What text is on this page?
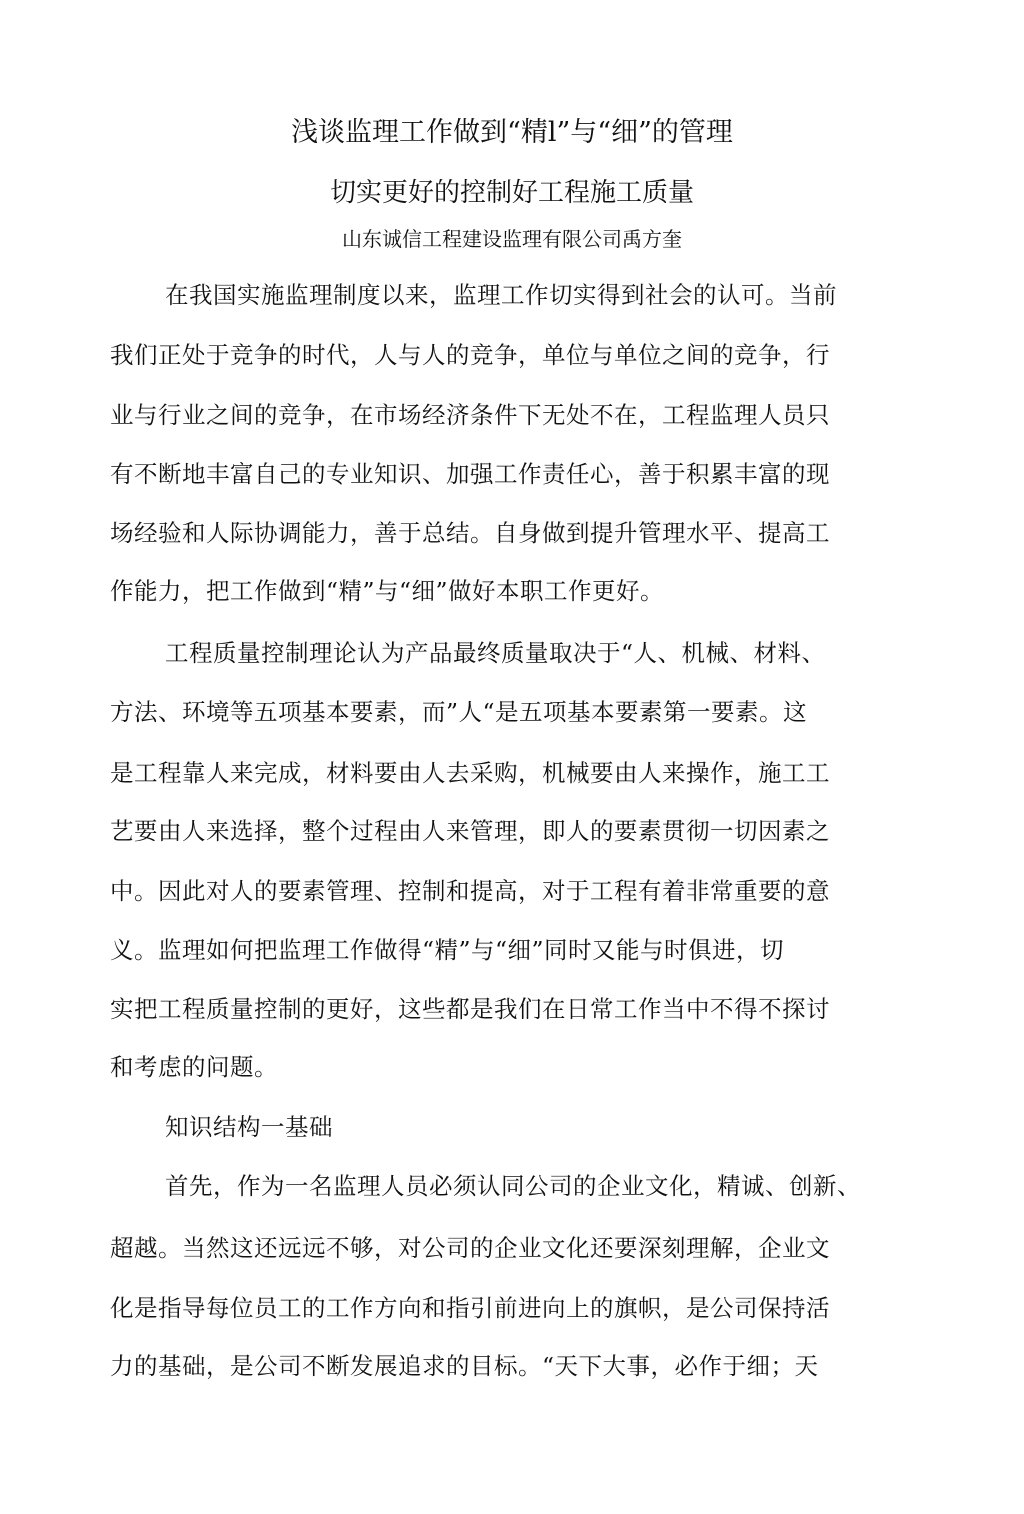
浅谈监理工作做到“精l”与“细”的管理
切实更好的控制好工程施工质量
山东诚信工程建设监理有限公司禹方奎
在我国实施监理制度以来，监理工作切实得到社会的认可。当前
我们正处于竞争的时代，人与人的竞争，单位与单位之间的竞争，行
业与行业之间的竞争，在市场经济条件下无处不在，工程监理人员只
有不断地丰富自己的专业知识、加强工作责任心，善于积累丰富的现
场经验和人际协调能力，善于总结。自身做到提升管理水平、提高工
作能力，把工作做到“精”与“细”做好本职工作更好。
工程质量控制理论认为产品最终质量取决于“人、机械、材料、
方法、环境等五项基本要素，而”人“是五项基本要素第一要素。这
是工程靠人来完成，材料要由人去采购，机械要由人来操作，施工工
艺要由人来选择，整个过程由人来管理，即人的要素贯彻一切因素之
中。因此对人的要素管理、控制和提高，对于工程有着非常重要的意
义。监理如何把监理工作做得“精”与“细”同时又能与时俱进，切
实把工程质量控制的更好，这些都是我们在日常工作当中不得不探讨
和考虑的问题。
知识结构一基础
首先，作为一名监理人员必须认同公司的企业文化，精诚、创新、
超越。当然这还远远不够，对公司的企业文化还要深刻理解，企业文
化是指导每位员工的工作方向和指引前进向上的旗帜，是公司保持活
力的基础，是公司不断发展追求的目标。“天下大事，必作于细；天
